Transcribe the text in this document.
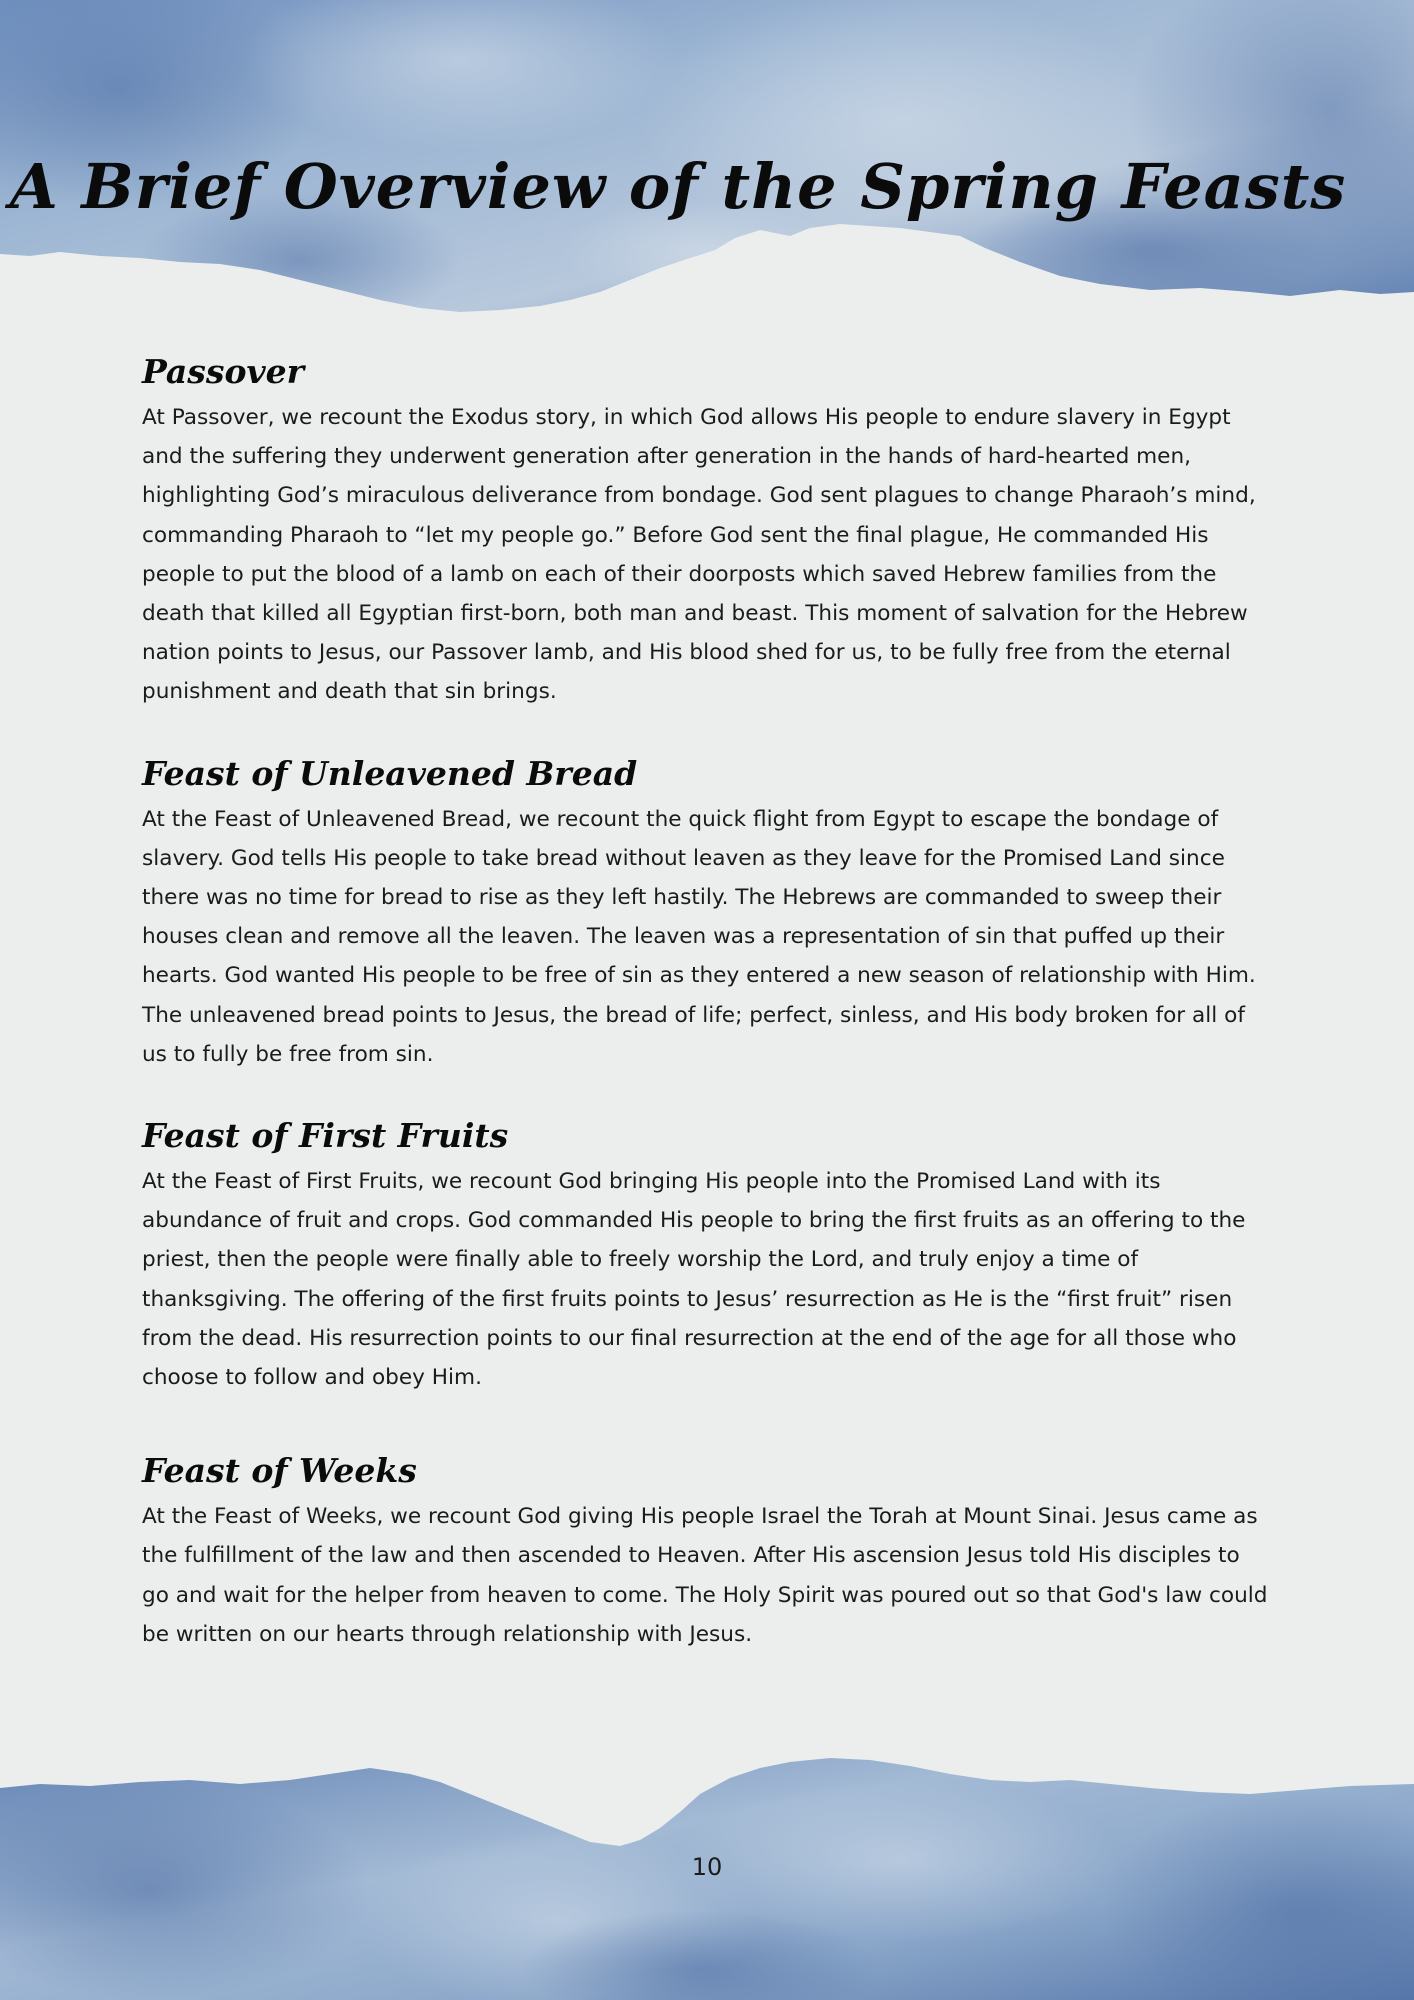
A Brief Overview of the Spring Feasts
Passover

At Passover, we recount the Exodus story, in which God allows His people to endure slavery in Egypt and the suffering they underwent generation after generation in the hands of hard-hearted men, highlighting God’s miraculous deliverance from bondage. God sent plagues to change Pharaoh’s mind, commanding Pharaoh to “let my people go.” Before God sent the final plague, He commanded His people to put the blood of a lamb on each of their doorposts which saved Hebrew families from the death that killed all Egyptian first-born, both man and beast. This moment of salvation for the Hebrew nation points to Jesus, our Passover lamb, and His blood shed for us, to be fully free from the eternal punishment and death that sin brings.

Feast of Unleavened Bread

At the Feast of Unleavened Bread, we recount the quick flight from Egypt to escape the bondage of slavery. God tells His people to take bread without leaven as they leave for the Promised Land since there was no time for bread to rise as they left hastily. The Hebrews are commanded to sweep their houses clean and remove all the leaven. The leaven was a representation of sin that puffed up their hearts. God wanted His people to be free of sin as they entered a new season of relationship with Him. The unleavened bread points to Jesus, the bread of life; perfect, sinless, and His body broken for all of us to fully be free from sin.

Feast of First Fruits

At the Feast of First Fruits, we recount God bringing His people into the Promised Land with its abundance of fruit and crops. God commanded His people to bring the first fruits as an offering to the priest, then the people were finally able to freely worship the Lord, and truly enjoy a time of thanksgiving. The offering of the first fruits points to Jesus’ resurrection as He is the “first fruit” risen from the dead. His resurrection points to our final resurrection at the end of the age for all those who choose to follow and obey Him.

Feast of Weeks

At the Feast of Weeks, we recount God giving His people Israel the Torah at Mount Sinai. Jesus came as the fulfillment of the law and then ascended to Heaven. After His ascension Jesus told His disciples to go and wait for the helper from heaven to come. The Holy Spirit was poured out so that God's law could be written on our hearts through relationship with Jesus.

10
